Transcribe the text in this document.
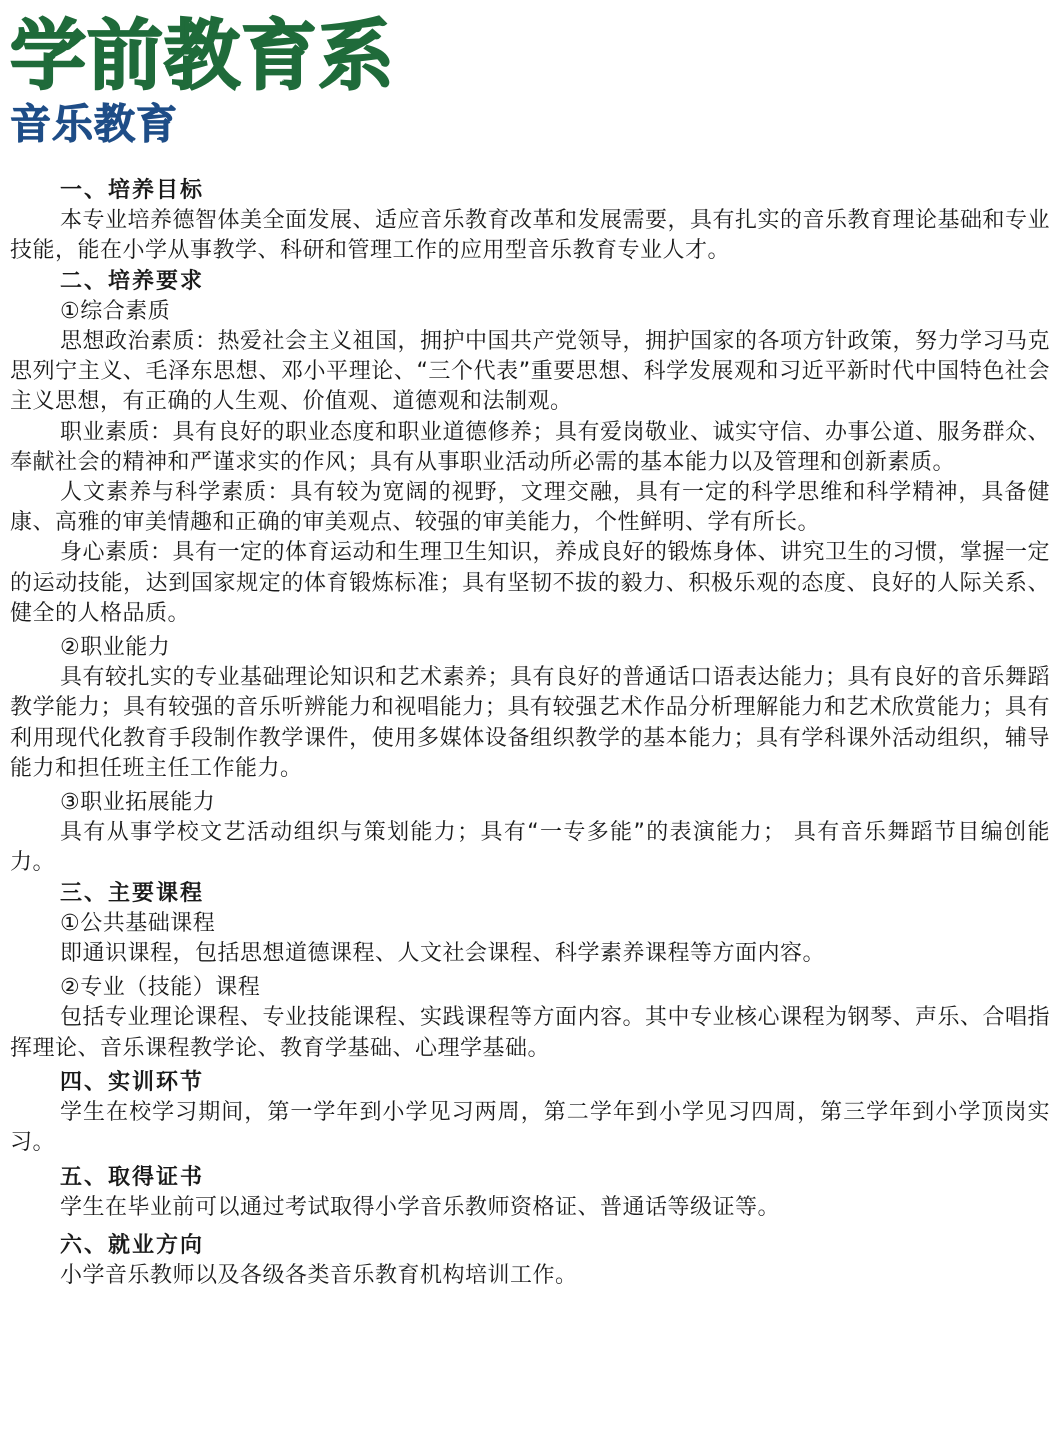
学前教育系
音乐教育
一、培养目标

本专业培养德智体美全面发展、适应音乐教育改革和发展需要，具有扎实的音乐教育理论基础和专业技能，能在小学从事教学、科研和管理工作的应用型音乐教育专业人才。

二、培养要求
①综合素质

思想政治素质：热爱社会主义祖国，拥护中国共产党领导，拥护国家的各项方针政策，努力学习马克思列宁主义、毛泽东思想、邓小平理论、“三个代表”重要思想、科学发展观和习近平新时代中国特色社会主义思想，有正确的人生观、价值观、道德观和法制观。

职业素质：具有良好的职业态度和职业道德修养；具有爱岗敬业、诚实守信、办事公道、服务群众、奉献社会的精神和严谨求实的作风；具有从事职业活动所必需的基本能力以及管理和创新素质。

人文素养与科学素质：具有较为宽阔的视野，文理交融，具有一定的科学思维和科学精神，具备健康、高雅的审美情趣和正确的审美观点、较强的审美能力，个性鲜明、学有所长。

身心素质：具有一定的体育运动和生理卫生知识，养成良好的锻炼身体、讲究卫生的习惯，掌握一定的运动技能，达到国家规定的体育锻炼标准；具有坚韧不拔的毅力、积极乐观的态度、良好的人际关系、健全的人格品质。

②职业能力

具有较扎实的专业基础理论知识和艺术素养；具有良好的普通话口语表达能力；具有良好的音乐舞蹈教学能力；具有较强的音乐听辨能力和视唱能力；具有较强艺术作品分析理解能力和艺术欣赏能力；具有利用现代化教育手段制作教学课件，使用多媒体设备组织教学的基本能力；具有学科课外活动组织，辅导能力和担任班主任工作能力。

③职业拓展能力

具有从事学校文艺活动组织与策划能力；具有“一专多能”的表演能力； 具有音乐舞蹈节目编创能力。

三、主要课程
①公共基础课程

即通识课程，包括思想道德课程、人文社会课程、科学素养课程等方面内容。

②专业（技能）课程

包括专业理论课程、专业技能课程、实践课程等方面内容。其中专业核心课程为钢琴、声乐、合唱指挥理论、音乐课程教学论、教育学基础、心理学基础。

四、实训环节

学生在校学习期间，第一学年到小学见习两周，第二学年到小学见习四周，第三学年到小学顶岗实习。

五、取得证书

学生在毕业前可以通过考试取得小学音乐教师资格证、普通话等级证等。

六、就业方向

小学音乐教师以及各级各类音乐教育机构培训工作。
